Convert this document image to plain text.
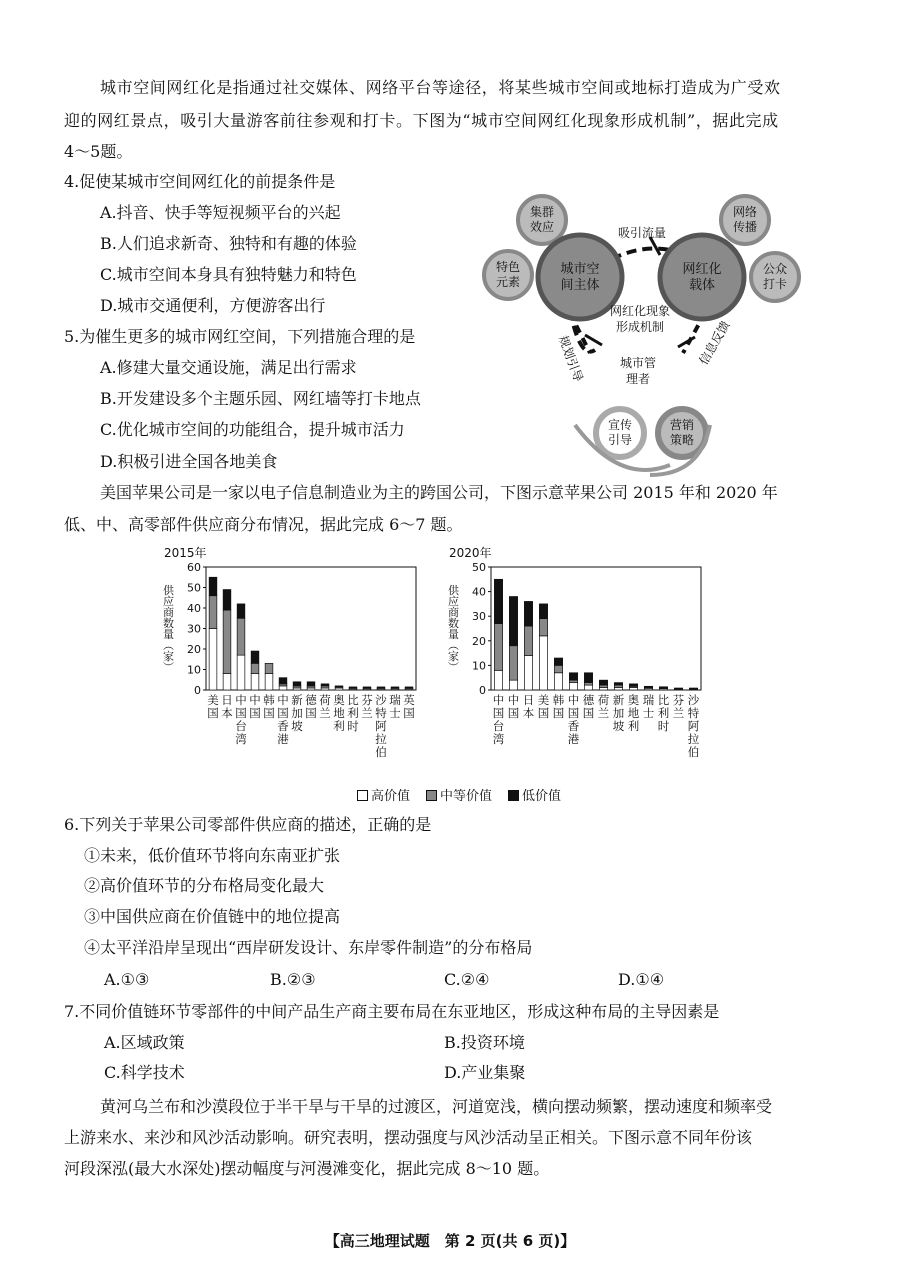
城市空间网红化是指通过社交媒体、网络平台等途径，将某些城市空间或地标打造成为广受欢
迎的网红景点，吸引大量游客前往参观和打卡。下图为“城市空间网红化现象形成机制”，据此完成
4～5题。
4.促使某城市空间网红化的前提条件是
A.抖音、快手等短视频平台的兴起
B.人们追求新奇、独特和有趣的体验
C.城市空间本身具有独特魅力和特色
D.城市交通便利，方便游客出行
5.为催生更多的城市网红空间，下列措施合理的是
A.修建大量交通设施，满足出行需求
B.开发建设多个主题乐园、网红墙等打卡地点
C.优化城市空间的功能组合，提升城市活力
D.积极引进全国各地美食
集群
效应
特色
元素
网络
传播
公众
打卡
城市空
间主体
网红化
载体
吸引流量
网红化现象
形成机制
规划引导	信息反馈
城市管
理者
宣传
引导
营销
策略
美国苹果公司是一家以电子信息制造业为主的跨国公司，下图示意苹果公司 2015 年和 2020 年
低、中、高零部件供应商分布情况，据此完成 6～7 题。
2015年
0
10
20
30
40
50
60
供应商数量（家）
美
国
日
本
中
国
台
湾
中
国
韩
国
中
国
香
港
新
加
坡
德
国
荷
兰
奥
地
利
比
利
时
芬
兰
沙
特
阿
拉
伯
瑞
士
英
国
2020年
0
10
20
30
40
50
供应商数量（家）
中
国
台
湾
中
国
日
本
美
国
韩
国
中
国
香
港
德
国
荷
兰
新
加
坡
奥
地
利
瑞
士
比
利
时
芬
兰
沙
特
阿
拉
伯
高价值	中等价值	低价值
6.下列关于苹果公司零部件供应商的描述，正确的是
①未来，低价值环节将向东南亚扩张
②高价值环节的分布格局变化最大
③中国供应商在价值链中的地位提高
④太平洋沿岸呈现出“西岸研发设计、东岸零件制造”的分布格局
A.①③	B.②③	C.②④	D.①④
7.不同价值链环节零部件的中间产品生产商主要布局在东亚地区，形成这种布局的主导因素是
A.区域政策	B.投资环境
C.科学技术	D.产业集聚
黄河乌兰布和沙漠段位于半干旱与干旱的过渡区，河道宽浅，横向摆动频繁，摆动速度和频率受
上游来水、来沙和风沙活动影响。研究表明，摆动强度与风沙活动呈正相关。下图示意不同年份该
河段深泓(最大水深处)摆动幅度与河漫滩变化，据此完成 8～10 题。
【高三地理试题　第 2 页(共 6 页)】
